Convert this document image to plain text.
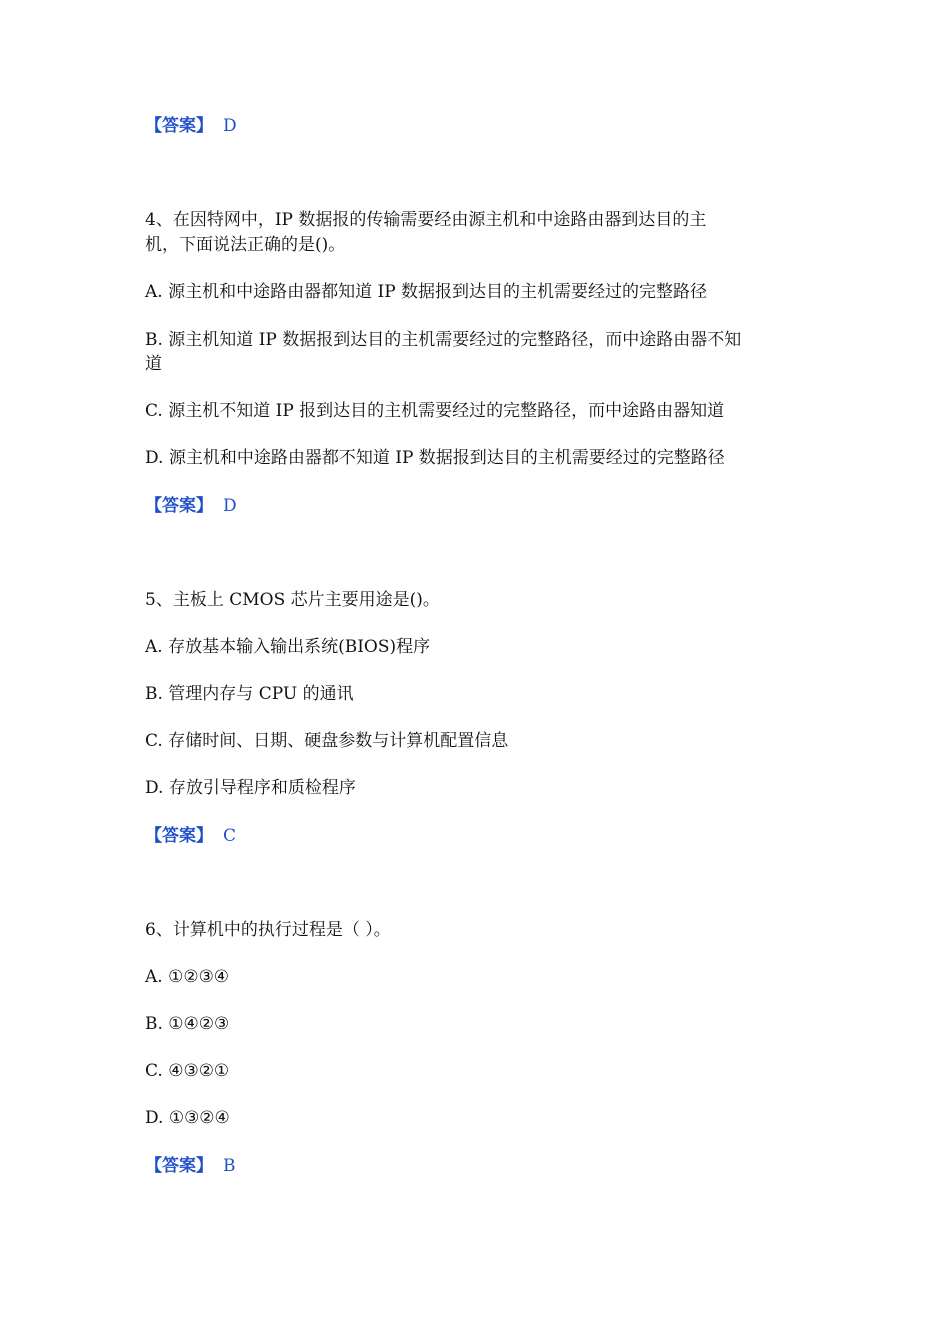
【答案】 D
4、在因特网中，IP 数据报的传输需要经由源主机和中途路由器到达目的主
机，下面说法正确的是()。
A. 源主机和中途路由器都知道 IP 数据报到达目的主机需要经过的完整路径
B. 源主机知道 IP 数据报到达目的主机需要经过的完整路径，而中途路由器不知
道
C. 源主机不知道 IP 报到达目的主机需要经过的完整路径，而中途路由器知道
D. 源主机和中途路由器都不知道 IP 数据报到达目的主机需要经过的完整路径
【答案】 D
5、主板上 CMOS 芯片主要用途是()。
A. 存放基本输入输出系统(BIOS)程序
B. 管理内存与 CPU 的通讯
C. 存储时间、日期、硬盘参数与计算机配置信息
D. 存放引导程序和质检程序
【答案】 C
6、计算机中的执行过程是（ ）。
A. ①②③④
B. ①④②③
C. ④③②①
D. ①③②④
【答案】 B
